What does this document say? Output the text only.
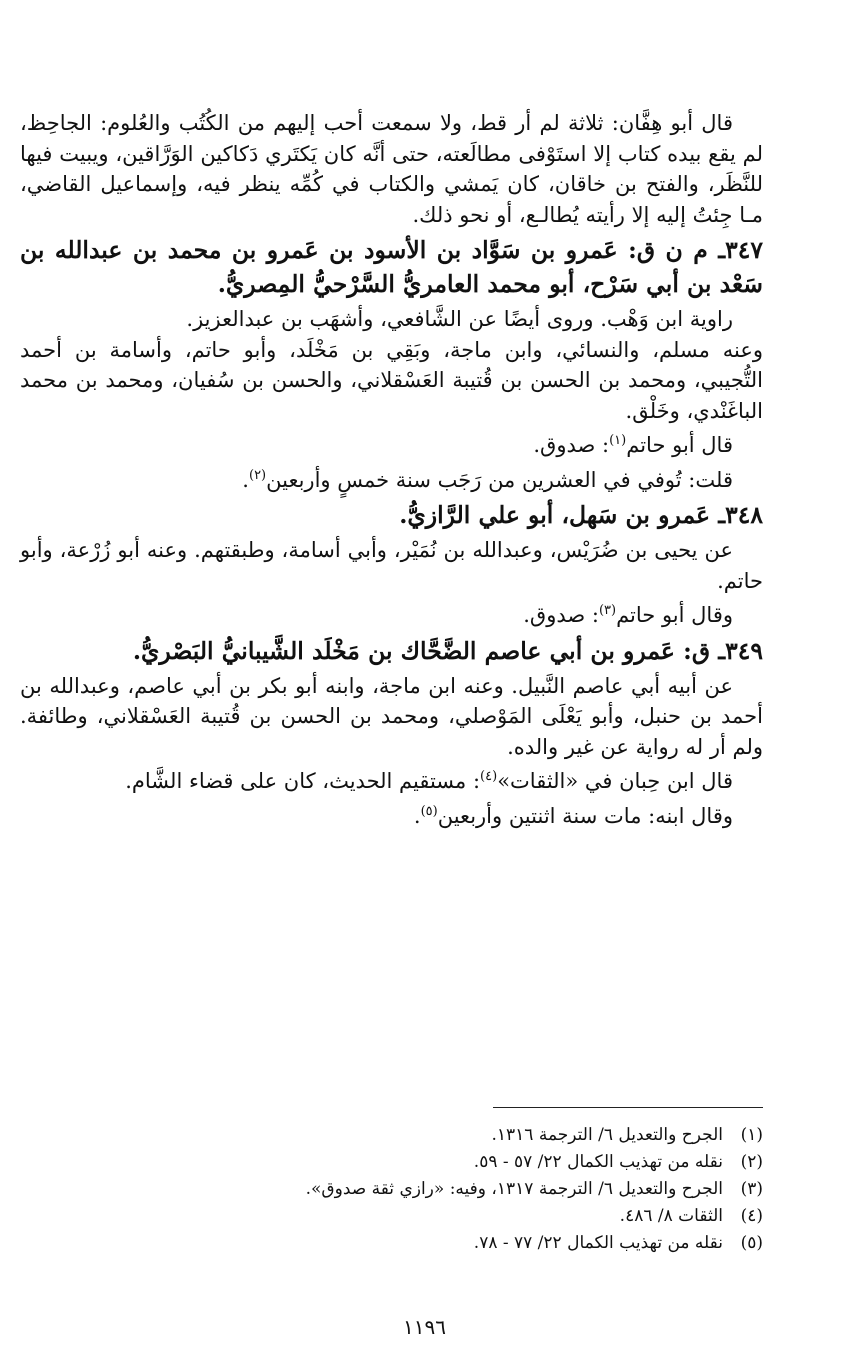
قال أبو هِفَّان: ثلاثة لم أر قط، ولا سمعت أحب إليهم من الكُتُب والعُلوم: الجاحِظ، لم يقع بيده كتاب إلا استَوْفى مطالَعته، حتى أنَّه كان يَكتَري دَكاكين الوَرَّاقين، ويبيت فيها للنَّظَر، والفتح بن خاقان، كان يَمشي والكتاب في كُمِّه ينظر فيه، وإسماعيل القاضي، مـا جِئتُ إليه إلا رأيته يُطالـع، أو نحو ذلك.

٣٤٧ـ م ن ق: عَمرو بن سَوَّاد بن الأسود بن عَمرو بن محمد بن عبدالله بن سَعْد بن أبي سَرْح، أبو محمد العامريُّ السَّرْحيُّ المِصريُّ.

راوية ابن وَهْب. وروى أيضًا عن الشَّافعي، وأشهَب بن عبدالعزيز.

وعنه مسلم، والنسائي، وابن ماجة، وبَقِي بن مَخْلَد، وأبو حاتم، وأسامة بن أحمد التُّجيبي، ومحمد بن الحسن بن قُتيبة العَسْقلاني، والحسن بن سُفيان، ومحمد بن محمد الباغَنْدي، وخَلْق.

قال أبو حاتم$^{(١)}$: صدوق.

قلت: تُوفي في العشرين من رَجَب سنة خمسٍ وأربعين$^{(٢)}$.

٣٤٨ـ عَمرو بن سَهل، أبو علي الرَّازيُّ.

عن يحيى بن ضُرَيْس، وعبدالله بن نُمَيْر، وأبي أسامة، وطبقتهم. وعنه أبو زُرْعة، وأبو حاتم.

وقال أبو حاتم$^{(٣)}$: صدوق.

٣٤٩ـ ق: عَمرو بن أبي عاصم الضَّحَّاك بن مَخْلَد الشَّيبانيُّ البَصْريُّ.

عن أبيه أبي عاصم النَّبيل. وعنه ابن ماجة، وابنه أبو بكر بن أبي عاصم، وعبدالله بن أحمد بن حنبل، وأبو يَعْلَى المَوْصلي، ومحمد بن الحسن بن قُتيبة العَسْقلاني، وطائفة. ولم أر له رواية عن غير والده.

قال ابن حِبان في «الثقات»$^{(٤)}$: مستقيم الحديث، كان على قضاء الشَّام.

وقال ابنه: مات سنة اثنتين وأربعين$^{(٥)}$.

(١)
الجرح والتعديل ٦/ الترجمة ١٣١٦.
(٢)
نقله من تهذيب الكمال ٢٢/ ٥٧ - ٥٩.
(٣)
الجرح والتعديل ٦/ الترجمة ١٣١٧، وفيه: «رازي ثقة صدوق».
(٤)
الثقات ٨/ ٤٨٦.
(٥)
نقله من تهذيب الكمال ٢٢/ ٧٧ - ٧٨.
١١٩٦
